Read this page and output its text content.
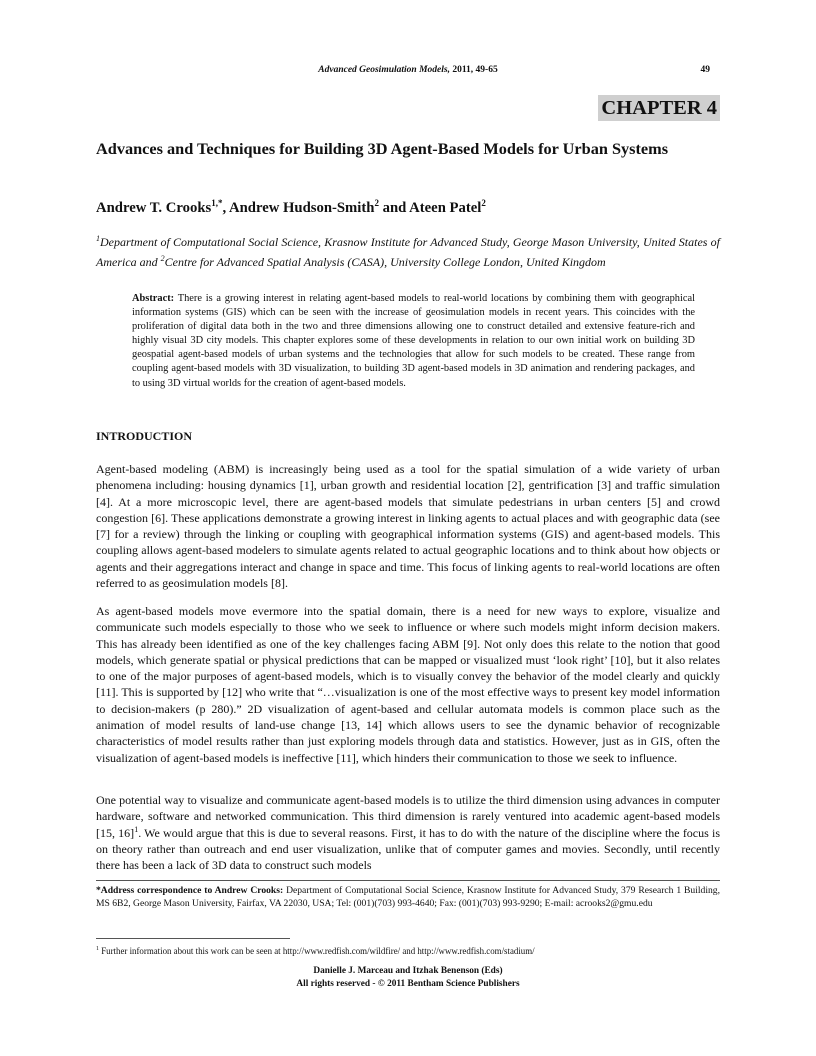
Advanced Geosimulation Models, 2011, 49-65	49
CHAPTER 4
Advances and Techniques for Building 3D Agent-Based Models for Urban Systems
Andrew T. Crooks$^{1,*}$, Andrew Hudson-Smith$^2$ and Ateen Patel$^2$

$^1$Department of Computational Social Science, Krasnow Institute for Advanced Study, George Mason University, United States of America and $^2$Centre for Advanced Spatial Analysis (CASA), University College London, United Kingdom

Abstract: There is a growing interest in relating agent-based models to real-world locations by combining them with geographical information systems (GIS) which can be seen with the increase of geosimulation models in recent years. This coincides with the proliferation of digital data both in the two and three dimensions allowing one to construct detailed and extensive feature-rich and highly visual 3D city models. This chapter explores some of these developments in relation to our own initial work on building 3D geospatial agent-based models of urban systems and the technologies that allow for such models to be created. These range from coupling agent-based models with 3D visualization, to building 3D agent-based models in 3D animation and rendering packages, and to using 3D virtual worlds for the creation of agent-based models.

INTRODUCTION

Agent-based modeling (ABM) is increasingly being used as a tool for the spatial simulation of a wide variety of urban phenomena including: housing dynamics [1], urban growth and residential location [2], gentrification [3] and traffic simulation [4]. At a more microscopic level, there are agent-based models that simulate pedestrians in urban centers [5] and crowd congestion [6]. These applications demonstrate a growing interest in linking agents to actual places and with geographic data (see [7] for a review) through the linking or coupling with geographical information systems (GIS) and agent-based models. This coupling allows agent-based modelers to simulate agents related to actual geographic locations and to think about how objects or agents and their aggregations interact and change in space and time. This focus of linking agents to real-world locations are often referred to as geosimulation models [8].

As agent-based models move evermore into the spatial domain, there is a need for new ways to explore, visualize and communicate such models especially to those who we seek to influence or where such models might inform decision makers. This has already been identified as one of the key challenges facing ABM [9]. Not only does this relate to the notion that good models, which generate spatial or physical predictions that can be mapped or visualized must ‘look right’ [10], but it also relates to one of the major purposes of agent-based models, which is to visually convey the behavior of the model clearly and quickly [11]. This is supported by [12] who write that “…visualization is one of the most effective ways to present key model information to decision-makers (p 280).” 2D visualization of agent-based and cellular automata models is common place such as the animation of model results of land-use change [13, 14] which allows users to see the dynamic behavior of recognizable characteristics of model results rather than just exploring models through data and statistics. However, just as in GIS, often the visualization of agent-based models is ineffective [11], which hinders their communication to those we seek to influence.

One potential way to visualize and communicate agent-based models is to utilize the third dimension using advances in computer hardware, software and networked communication. This third dimension is rarely ventured into academic agent-based models [15, 16]$^1$. We would argue that this is due to several reasons. First, it has to do with the nature of the discipline where the focus is on theory rather than outreach and end user visualization, unlike that of computer games and movies. Secondly, until recently there has been a lack of 3D data to construct such models

*Address correspondence to Andrew Crooks: Department of Computational Social Science, Krasnow Institute for Advanced Study, 379 Research 1 Building, MS 6B2, George Mason University, Fairfax, VA 22030, USA; Tel: (001)(703) 993-4640; Fax: (001)(703) 993-9290; E-mail: acrooks2@gmu.edu

$^1$ Further information about this work can be seen at http://www.redfish.com/wildfire/ and http://www.redfish.com/stadium/

Danielle J. Marceau and Itzhak Benenson (Eds)
All rights reserved - © 2011 Bentham Science Publishers
